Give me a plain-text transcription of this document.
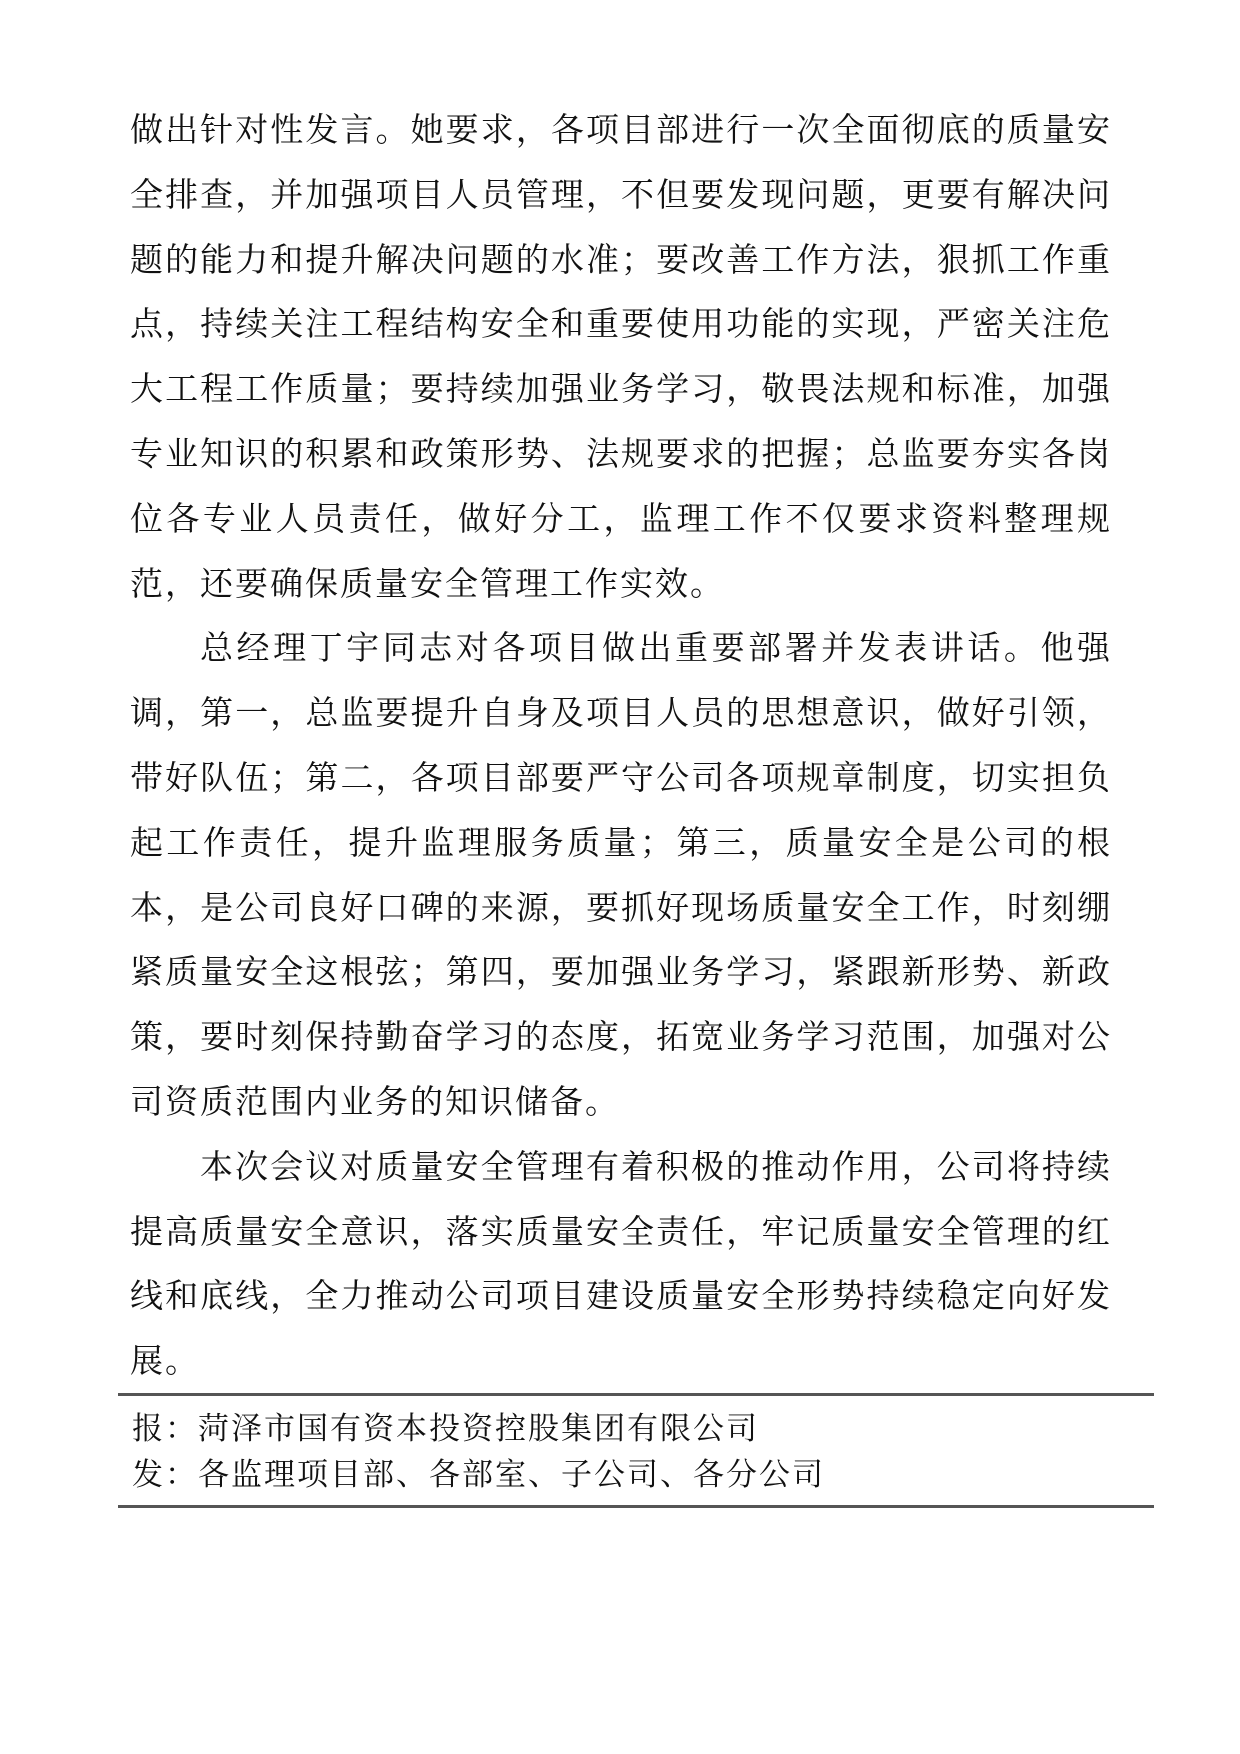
做出针对性发言。她要求，各项目部进行一次全面彻底的质量安全排查，并加强项目人员管理，不但要发现问题，更要有解决问题的能力和提升解决问题的水准；要改善工作方法，狠抓工作重点，持续关注工程结构安全和重要使用功能的实现，严密关注危大工程工作质量；要持续加强业务学习，敬畏法规和标准，加强专业知识的积累和政策形势、法规要求的把握；总监要夯实各岗位各专业人员责任，做好分工，监理工作不仅要求资料整理规范，还要确保质量安全管理工作实效。

总经理丁宇同志对各项目做出重要部署并发表讲话。他强调，第一，总监要提升自身及项目人员的思想意识，做好引领，带好队伍；第二，各项目部要严守公司各项规章制度，切实担负起工作责任，提升监理服务质量；第三，质量安全是公司的根本，是公司良好口碑的来源，要抓好现场质量安全工作，时刻绷紧质量安全这根弦；第四，要加强业务学习，紧跟新形势、新政策，要时刻保持勤奋学习的态度，拓宽业务学习范围，加强对公司资质范围内业务的知识储备。

本次会议对质量安全管理有着积极的推动作用，公司将持续提高质量安全意识，落实质量安全责任，牢记质量安全管理的红线和底线，全力推动公司项目建设质量安全形势持续稳定向好发展。

报：菏泽市国有资本投资控股集团有限公司
发：各监理项目部、各部室、子公司、各分公司
